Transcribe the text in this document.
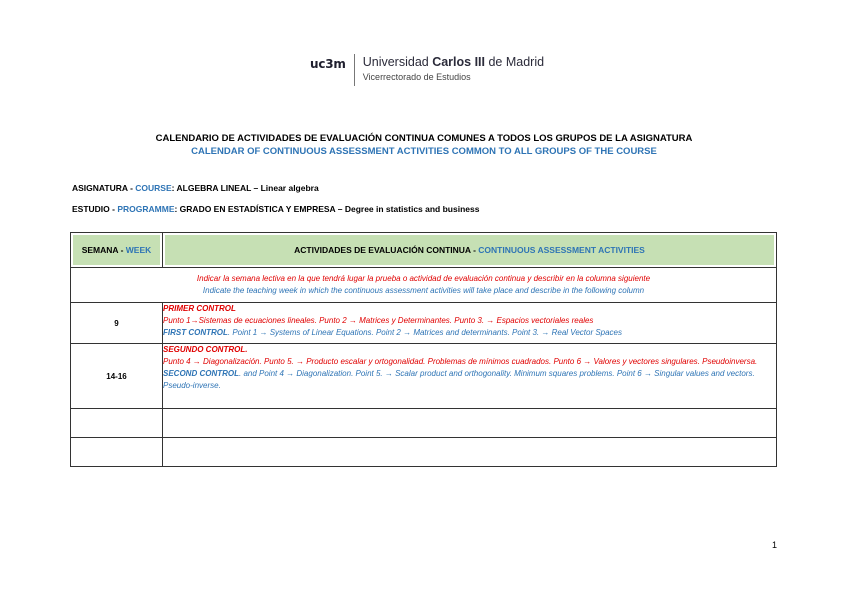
uc3m	Universidad Carlos III de Madrid
Vicerrectorado de Estudios
CALENDARIO DE ACTIVIDADES DE EVALUACIÓN CONTINUA COMUNES A TODOS LOS GRUPOS DE LA ASIGNATURA
CALENDAR OF CONTINUOUS ASSESSMENT ACTIVITIES COMMON TO ALL GROUPS OF THE COURSE
ASIGNATURA - COURSE: ALGEBRA LINEAL – Linear algebra
ESTUDIO - PROGRAMME: GRADO EN ESTADÍSTICA Y EMPRESA – Degree in statistics and business
SEMANA - WEEK	ACTIVIDADES DE EVALUACIÓN CONTINUA - CONTINUOUS ASSESSMENT ACTIVITIES

Indicar la semana lectiva en la que tendrá lugar la prueba o actividad de evaluación continua y describir en la columna siguiente
Indicate the teaching week in which the continuous assessment activities will take place and describe in the following column	

9	PRIMER CONTROL
Punto 1→Sistemas de ecuaciones lineales. Punto 2 → Matrices y Determinantes. Punto 3. → Espacios vectoriales reales
FIRST CONTROL. Point 1 → Systems of Linear Equations. Point 2 → Matrices and determinants. Point 3. → Real Vector Spaces

14-16	SEGUNDO CONTROL.
Punto 4 → Diagonalización. Punto 5. → Producto escalar y ortogonalidad. Problemas de mínimos cuadrados. Punto 6 → Valores y vectores singulares. Pseudoinversa.
SECOND CONTROL. and Point 4 → Diagonalization. Point 5. → Scalar product and orthogonality. Minimum squares problems. Point 6 → Singular values and vectors. Pseudo-inverse.

1
